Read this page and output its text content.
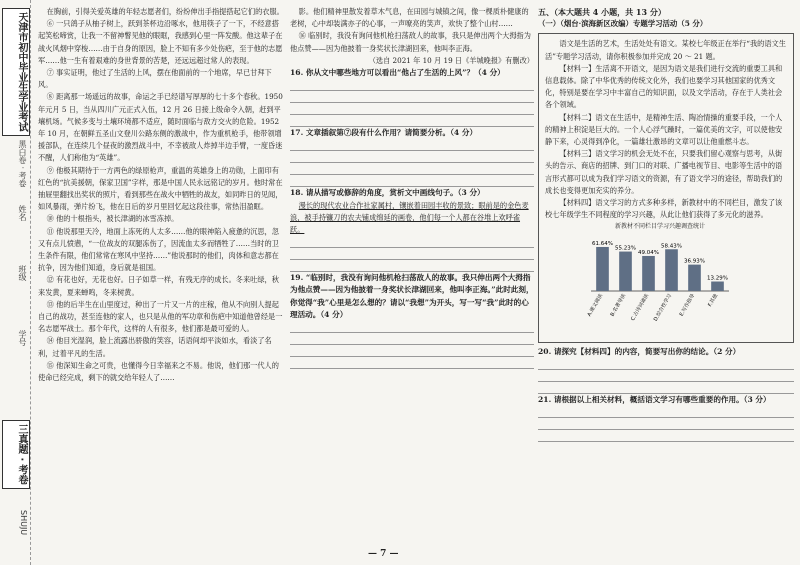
天津市初中毕业生学业考试
黑白卷 · 考卷
姓名
班级
学号
三真题 · 考卷
SHUJU

在胸前，引得关爱英雄的年轻志愿者们，纷纷伸出手指提搭起它们的衣服。

⑥ 一只鸽子从柚子树上，跃到茶杯边沿啄水，他用筷子了一下，不经意搭起笑松啼赏，让我一不留神瞥见他的眼眶，我感到心里一阵发酸。他这辈子在战火风烟中穿梭……由于自身的原因，脸上不知有多少处伤疤，至于他的志愿军……他一生有着艰难的身世背景的苦楚，还远远超过常人的表现。

⑦ 事实证明，他过了生活的上风，摆在他面前的一个地席，早已甘拜下风。

⑧ 距离那一场遥远的故事，命运之手已经谱写厚厚的七十多个春秋。1950 年元月 5 日，当从四川广元正式入伍，12 月 26 日接上级命令入朝，赶到平壤机场。气候多变与土壤环境都不适应，随时面临与敌方交火的危险。1952 年 10 月，在朝鲜五圣山文登川公路东侧的激战中，作为重机枪手，他带领增援部队，在连续几个昼夜的激烈战斗中，不幸被敌人炸掉半边手臂，一度昏迷不醒，人们称他为“英雄”。

⑨ 他极其期待于一方两色的绿原枪声，重温的英雄身上的功勋，上面印有红色的“抗美援朝，保家卫国”字样，那是中国人民永远铭记的岁月。他时常在抽屉里翻找出奖状的照片，看到那些在战火中牺牲的战友，如同昨日的见闻，如风暴雨，弹片纷飞，他在日后的岁月里回忆起这段往事，常热泪盈眶。

⑩ 他的十根指头，被长津湖的冰雪冻掉。

⑪ 他说那里天冷，地面上冻死的人太多……他的眼神陷入疲惫的沉思，忽又有点儿愤懑，“一位战友的双腿冻伤了，因流血太多而牺牲了……当时的卫生条件有限，他们常常在寒风中坚持……”他说那时的他们，肉体和意志都在抗争，因为他们知道，身后就是祖国。

⑫ 有花也好，无花也好。日子如草一样，有残无序的成长。冬来吐绿，秋来发黄，夏来蝉鸣，冬来树黄。

⑬ 他的后半生在山里度过，种出了一片又一片的庄稼，他从不向别人提起自己的战功，甚至连他的家人，也只是从他的军功章和伤疤中知道他曾经是一名志愿军战士。那个年代，这样的人有很多，他们都是最可爱的人。

⑭ 他目光湿润，脸上流露出骄傲的笑容，话语间却平淡如水，看淡了名利，过着平凡的生活。

⑮ 他深知生命之可贵，也懂得今日幸福来之不易。他说，他们那一代人的使命已经完成，剩下的就交给年轻人了……

影。他们精神里散发着草木气息，在田园与城镇之间，像一棵质朴健康的老树，心中却装满亦子的心事，一声嘹亮的笑声，欢快了整个山村……

⑯ 临别时，我没有询问他机枪扫荡敌人的故事，我只是伸出两个大拇指为他点赞——因为他披着一身奖状长津湖回来，他叫李正海。

（选自 2021 年 10 月 19 日《羊城晚报》有删改）

16. 你从文中哪些地方可以看出“他占了生活的上风”？（4 分）

17. 文章插叙第⑦段有什么作用？请简要分析。（4 分）

18. 请从描写或修辞的角度，赏析文中画线句子。（3 分）

漫长的现代农业合作社家属村，镶嵌着田园丰收的景致；眼前是的金色麦浪，被手持镰刀的农夫铺成绵延的画卷，他们每一个人都在谷堆上欢呼雀跃。

19. “临别时，我没有询问他机枪扫荡敌人的故事。我只伸出两个大拇指为他点赞——因为他披着一身奖状长津湖回来，他叫李正海。”此时此刻，你觉得“我”心里是怎么想的？请以“我想”为开头，写一写“我”此时的心理活动。（4 分）

五、（本大题共 4 小题，共 13 分）

（一）（烟台·滨海新区改编）专题学习活动（5 分）

语文是生活的艺术，生活处处有语文。某校七年级正在举行“我的语文生活”专题学习活动，请你积极参加并完成 20 ～ 21 题。

【材料一】生活离不开语文，是因为语文是我们进行交流的重要工具和信息载体。除了中华优秀的传统文化外，我们也要学习其他国家的优秀文化，特别是要在学习中丰富自己的知识面，以及文学活动，存在于人类社会各个领域。

【材料二】语文在生活中，是精神生活、陶冶情操的重要手段，一个人的精神上积淀是巨大的。一个人心浮气躁时，一篇优美的文字，可以使他安静下来，心灵得到净化，一篇雄壮激昂的文章可以让他重燃斗志。

【材料三】语文学习的机会无处不在，只要我们留心观察与思考，从街头的告示、商店的招牌、到门口的对联、广播电视节目、电影等生活中的语言形式都可以成为我们学习语文的资源，有了语文学习的途径，帮助我们的成长也变得更加充实的养分。

【材料四】语文学习的方式多种多样，新教材中的不同栏目，激发了该校七年级学生不同程度的学习兴趣，从此让他们获得了多元化的滋养。

新教材不同栏目学习兴趣调查统计
61.64%
A.课文阅读
55.23%
B.名著导读
49.04%
C.古诗词诵读
58.43%
D.综合性学习
36.93%
E.写作指导
13.29%
F.其他

20. 请探究【材料四】的内容，简要写出你的结论。（2 分）

21. 请根据以上相关材料，概括语文学习有哪些重要的作用。（3 分）

— 7 —
